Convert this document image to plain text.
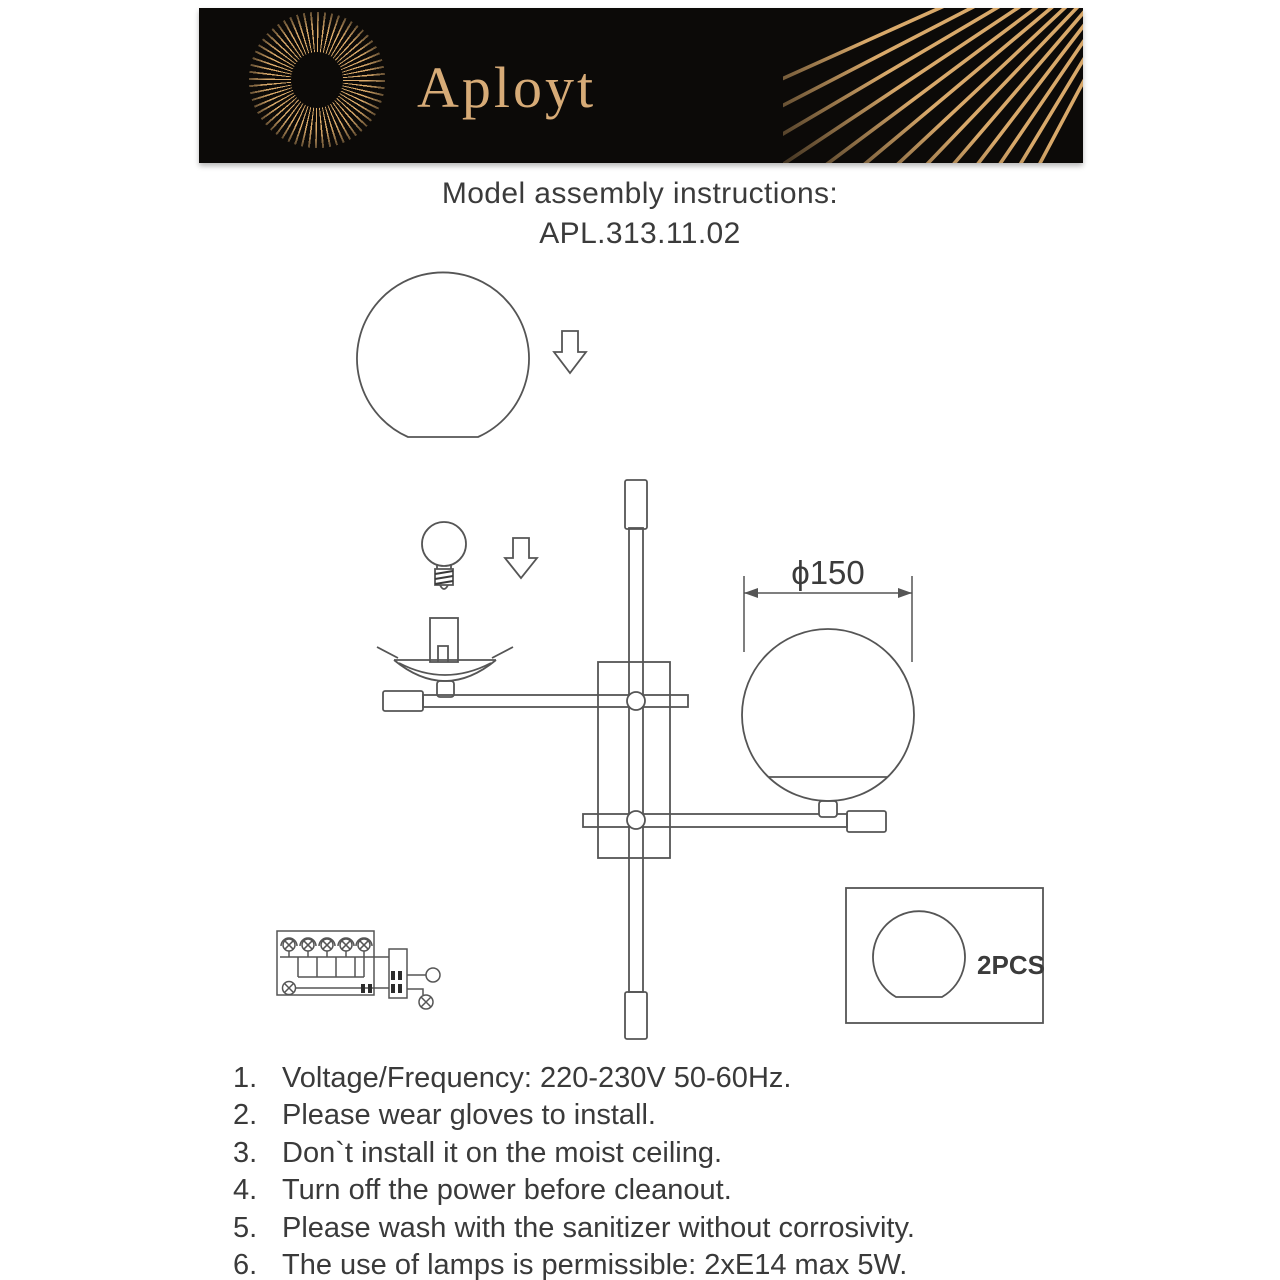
Aployt
Model assembly instructions:
APL.313.11.02
ϕ150
2PCS
1. Voltage/Frequency: 220-230V 50-60Hz.
2. Please wear gloves to install.
3. Don`t install it on the moist ceiling.
4. Turn off the power before cleanout.
5. Please wash with the sanitizer without corrosivity.
6. The use of lamps is permissible: 2xE14 max 5W.
